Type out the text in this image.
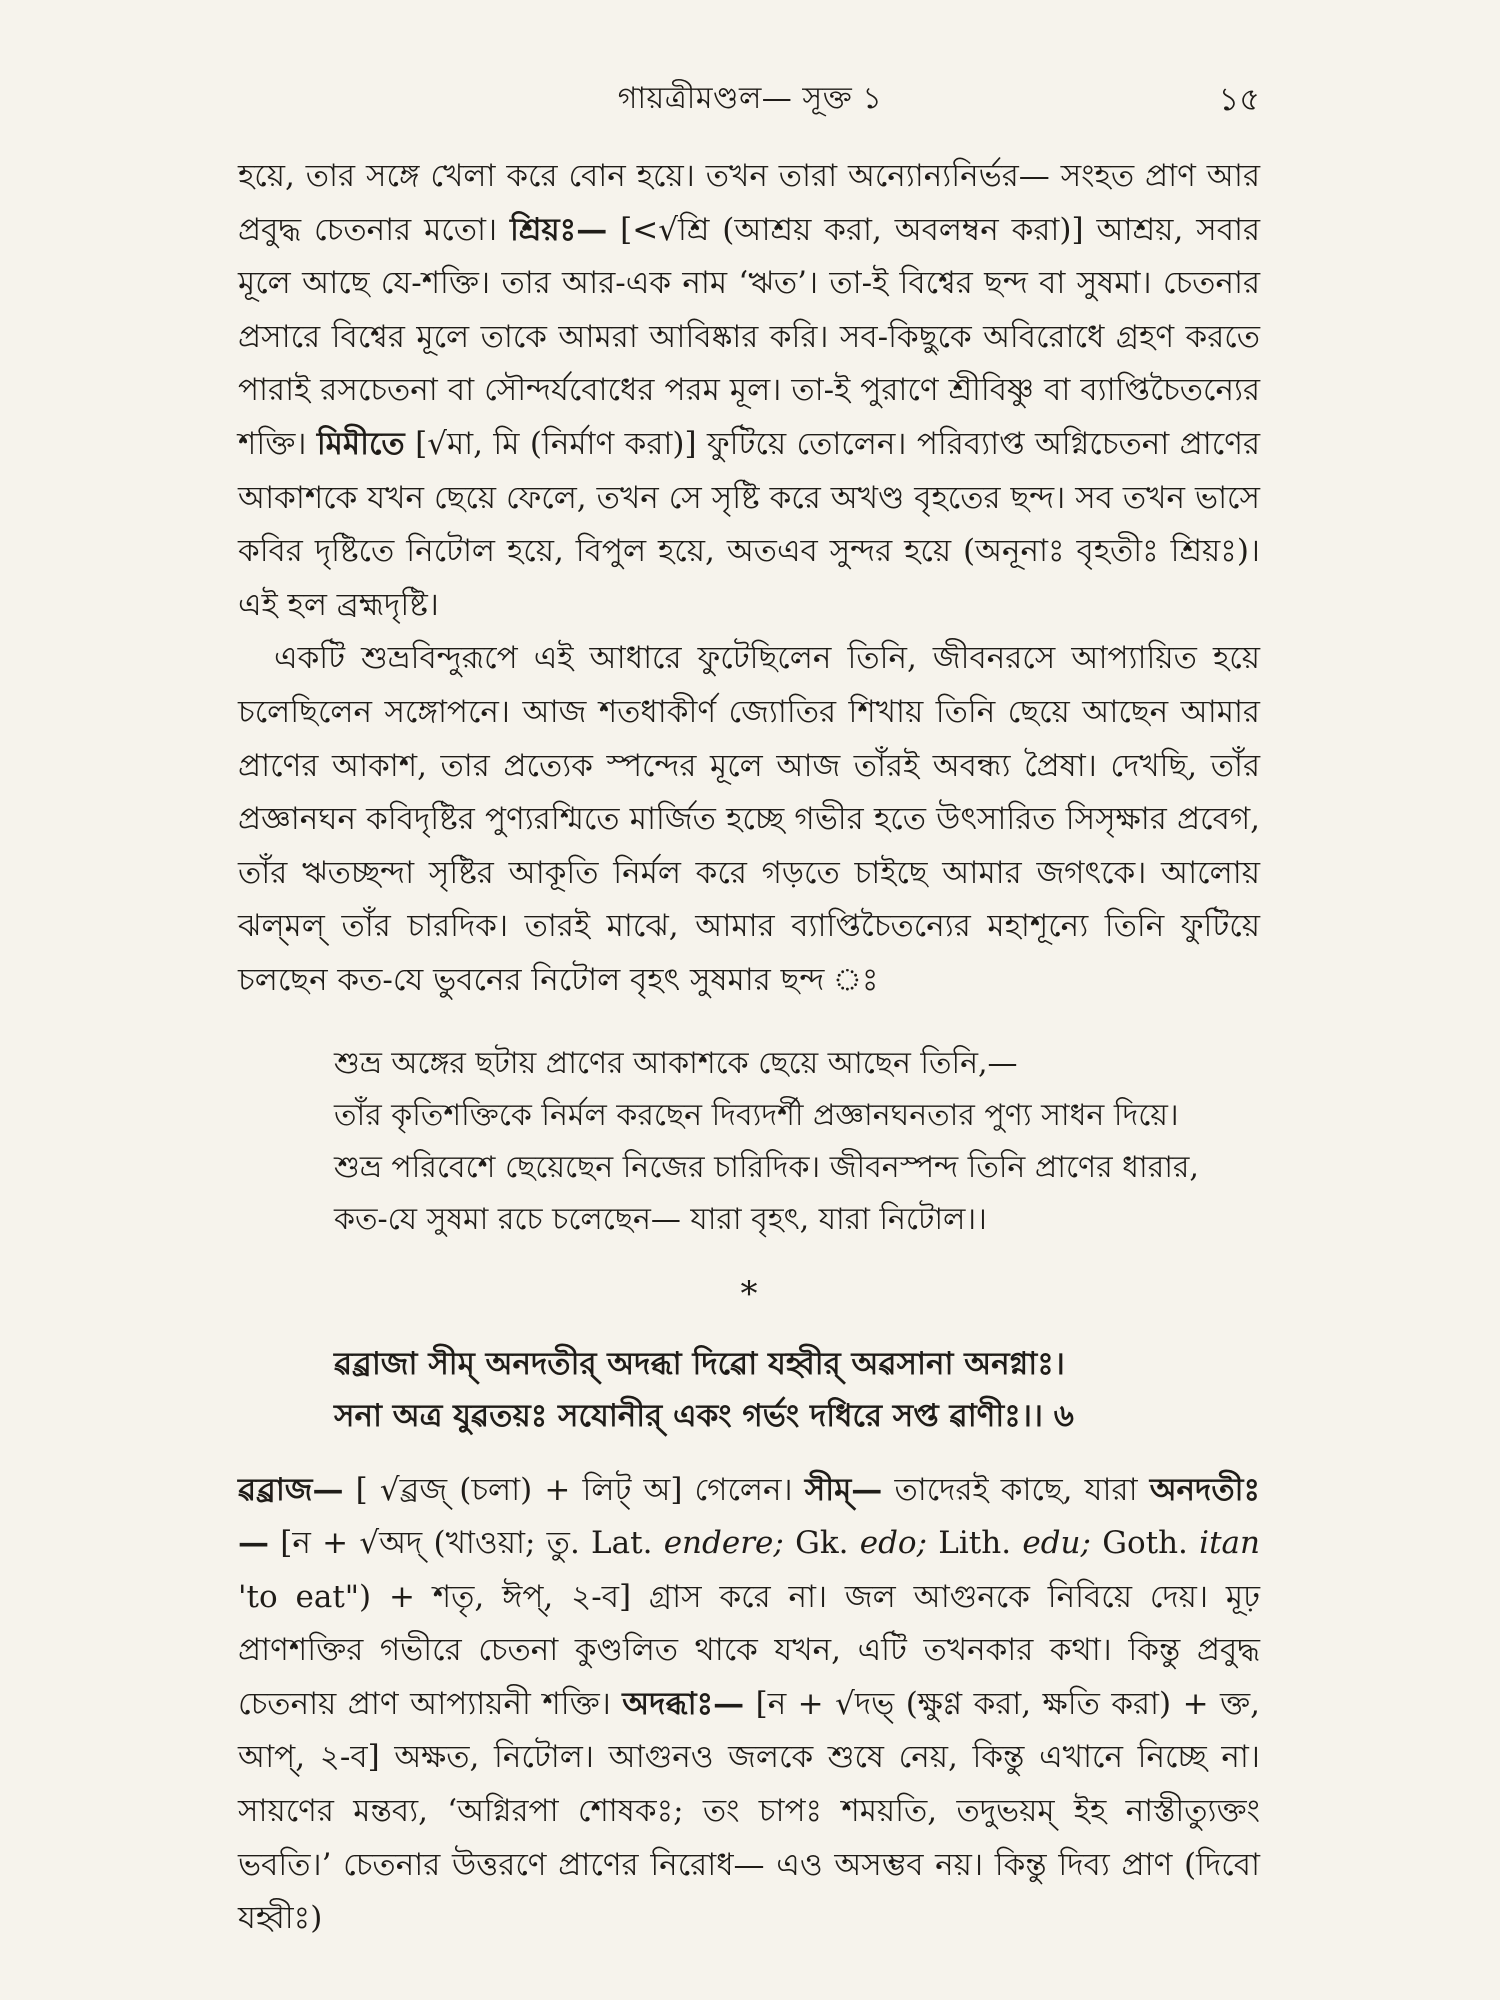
গায়ত্রীমণ্ডল— সূক্ত ১	১৫

হয়ে, তার সঙ্গে খেলা করে বোন হয়ে। তখন তারা অন্যোন্যনির্ভর— সংহত প্রাণ আর প্রবুদ্ধ চেতনার মতো। শ্রিয়ঃ— [<√শ্রি (আশ্রয় করা, অবলম্বন করা)] আশ্রয়, সবার মূলে আছে যে-শক্তি। তার আর-এক নাম ‘ঋত’। তা-ই বিশ্বের ছন্দ বা সুষমা। চেতনার প্রসারে বিশ্বের মূলে তাকে আমরা আবিষ্কার করি। সব-কিছুকে অবিরোধে গ্রহণ করতে পারাই রসচেতনা বা সৌন্দর্যবোধের পরম মূল। তা-ই পুরাণে শ্রীবিষ্ণু বা ব্যাপ্তিচৈতন্যের শক্তি। মিমীতে [√মা, মি (নির্মাণ করা)] ফুটিয়ে তোলেন। পরিব্যাপ্ত অগ্নিচেতনা প্রাণের আকাশকে যখন ছেয়ে ফেলে, তখন সে সৃষ্টি করে অখণ্ড বৃহতের ছন্দ। সব তখন ভাসে কবির দৃষ্টিতে নিটোল হয়ে, বিপুল হয়ে, অতএব সুন্দর হয়ে (অনূনাঃ বৃহতীঃ শ্রিয়ঃ)। এই হল ব্রহ্মদৃষ্টি।

একটি শুভ্রবিন্দুরূপে এই আধারে ফুটেছিলেন তিনি, জীবনরসে আপ্যায়িত হয়ে চলেছিলেন সঙ্গোপনে। আজ শতধাকীর্ণ জ্যোতির শিখায় তিনি ছেয়ে আছেন আমার প্রাণের আকাশ, তার প্রত্যেক স্পন্দের মূলে আজ তাঁরই অবন্ধ্য প্রৈষা। দেখছি, তাঁর প্রজ্ঞানঘন কবিদৃষ্টির পুণ্যরশ্মিতে মার্জিত হচ্ছে গভীর হতে উৎসারিত সিসৃক্ষার প্রবেগ, তাঁর ঋতচ্ছন্দা সৃষ্টির আকূতি নির্মল করে গড়তে চাইছে আমার জগৎকে। আলোয় ঝল্‌মল্‌ তাঁর চারদিক। তারই মাঝে, আমার ব্যাপ্তিচৈতন্যের মহাশূন্যে তিনি ফুটিয়ে চলছেন কত-যে ভুবনের নিটোল বৃহৎ সুষমার ছন্দ ঃ

শুভ্র অঙ্গের ছটায় প্রাণের আকাশকে ছেয়ে আছেন তিনি,—
তাঁর কৃতিশক্তিকে নির্মল করছেন দিব্যদর্শী প্রজ্ঞানঘনতার পুণ্য সাধন দিয়ে।
শুভ্র পরিবেশে ছেয়েছেন নিজের চারিদিক। জীবনস্পন্দ তিনি প্রাণের ধারার,
কত-যে সুষমা রচে চলেছেন— যারা বৃহৎ, যারা নিটোল।।
*
ৱৱ্রাজা সীম্ অনদতীর্ অদব্ধা দিৱো যহ্বীর্ অৱসানা অনগ্নাঃ।
সনা অত্র যুৱতয়ঃ সযোনীর্ একং গর্ভং দধিরে সপ্ত ৱাণীঃ।। ৬

ৱৱ্রাজ— [ √ৱ্রজ্ (চলা) + লিট্ অ] গেলেন। সীম্— তাদেরই কাছে, যারা অনদতীঃ— [ন + √অদ্ (খাওয়া; তু. Lat. endere; Gk. edo; Lith. edu; Goth. itan 'to eat") + শতৃ, ঈপ্, ২-ব] গ্রাস করে না। জল আগুনকে নিবিয়ে দেয়। মূঢ় প্রাণশক্তির গভীরে চেতনা কুণ্ডলিত থাকে যখন, এটি তখনকার কথা। কিন্তু প্রবুদ্ধ চেতনায় প্রাণ আপ্যায়নী শক্তি। অদব্ধাঃ— [ন + √দভ্ (ক্ষুণ্ণ করা, ক্ষতি করা) + ক্ত, আপ্, ২-ব] অক্ষত, নিটোল। আগুনও জলকে শুষে নেয়, কিন্তু এখানে নিচ্ছে না। সায়ণের মন্তব্য, ‘অগ্নিরপা শোষকঃ; তং চাপঃ শময়তি, তদুভয়ম্ ইহ নাস্তীত্যুক্তং ভবতি।’ চেতনার উত্তরণে প্রাণের নিরোধ— এও অসম্ভব নয়। কিন্তু দিব্য প্রাণ (দিবো যহ্বীঃ)
